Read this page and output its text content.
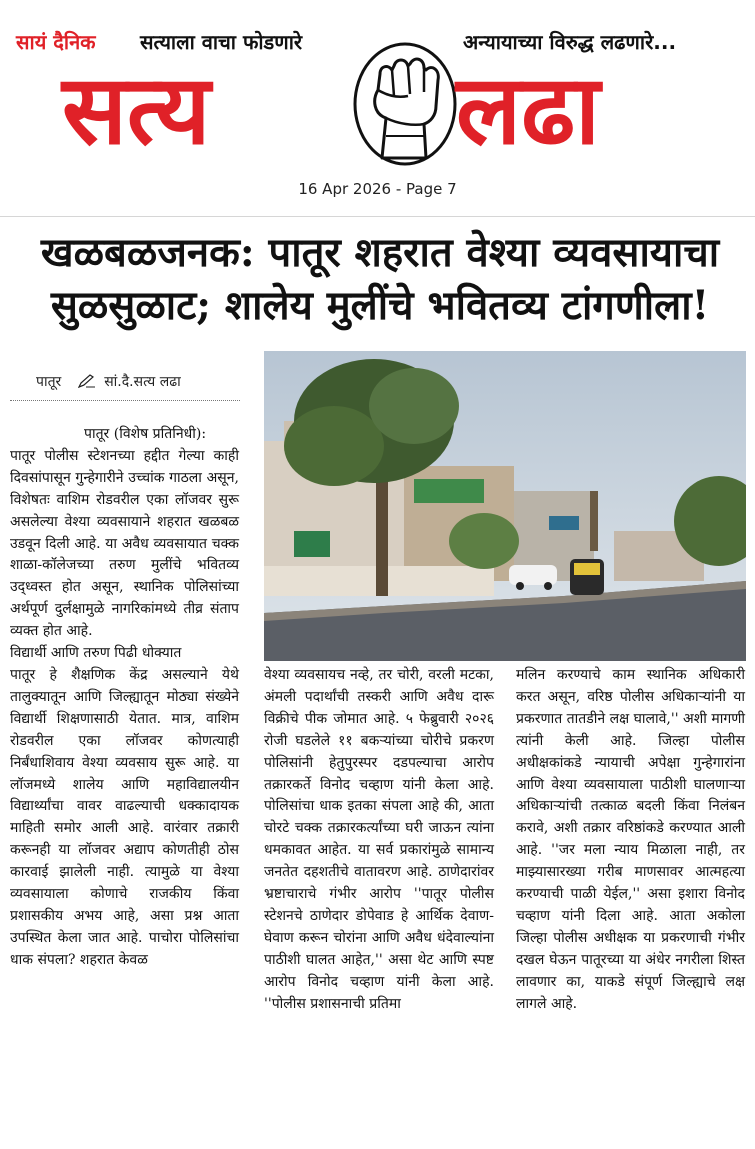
सायं दैनिक सत्याला वाचा फोडणारे	अन्यायाच्या विरुद्ध लढणारे...
सत्य	लढा
16 Apr 2026 - Page 7
खळबळजनक: पातूर शहरात वेश्या व्यवसायाचा
सुळसुळाट; शालेय मुलींचे भवितव्य टांगणीला!
पातूर	सां.दै.सत्य लढा

पातूर (विशेष प्रतिनिधी):

पातूर पोलीस स्टेशनच्या हद्दीत गेल्या काही दिवसांपासून गुन्हेगारीने उच्चांक गाठला असून, विशेषतः वाशिम रोडवरील एका लॉजवर सुरू असलेल्या वेश्या व्यवसायाने शहरात खळबळ उडवून दिली आहे. या अवैध व्यवसायात चक्क शाळा-कॉलेजच्या तरुण मुलींचे भवितव्य उद्ध्वस्त होत असून, स्थानिक पोलिसांच्या अर्थपूर्ण दुर्लक्षामुळे नागरिकांमध्ये तीव्र संताप व्यक्त होत आहे.

विद्यार्थी आणि तरुण पिढी धोक्यात

पातूर हे शैक्षणिक केंद्र असल्याने येथे तालुक्यातून आणि जिल्ह्यातून मोठ्या संख्येने विद्यार्थी शिक्षणासाठी येतात. मात्र, वाशिम रोडवरील एका लॉजवर कोणत्याही निर्बंधाशिवाय वेश्या व्यवसाय सुरू आहे. या लॉजमध्ये शालेय आणि महाविद्यालयीन विद्यार्थ्यांचा वावर वाढल्याची धक्कादायक माहिती समोर आली आहे. वारंवार तक्रारी करूनही या लॉजवर अद्याप कोणतीही ठोस कारवाई झालेली नाही. त्यामुळे या वेश्या व्यवसायाला कोणाचे राजकीय किंवा प्रशासकीय अभय आहे, असा प्रश्न आता उपस्थित केला जात आहे. पाचोरा पोलिसांचा धाक संपला? शहरात केवळ

वेश्या व्यवसायच नव्हे, तर चोरी, वरली मटका, अंमली पदार्थांची तस्करी आणि अवैध दारू विक्रीचे पीक जोमात आहे. ५ फेब्रुवारी २०२६ रोजी घडलेले ११ बकऱ्यांच्या चोरीचे प्रकरण पोलिसांनी हेतुपुरस्पर दडपल्याचा आरोप तक्रारकर्ते विनोद चव्हाण यांनी केला आहे. पोलिसांचा धाक इतका संपला आहे की, आता चोरटे चक्क तक्रारकर्त्यांच्या घरी जाऊन त्यांना धमकावत आहेत. या सर्व प्रकारांमुळे सामान्य जनतेत दहशतीचे वातावरण आहे. ठाणेदारांवर भ्रष्टाचाराचे गंभीर आरोप ''पातूर पोलीस स्टेशनचे ठाणेदार डोपेवाड हे आर्थिक देवाण-घेवाण करून चोरांना आणि अवैध धंदेवाल्यांना पाठीशी घालत आहेत,'' असा थेट आणि स्पष्ट आरोप विनोद चव्हाण यांनी केला आहे. ''पोलीस प्रशासनाची प्रतिमा

मलिन करण्याचे काम स्थानिक अधिकारी करत असून, वरिष्ठ पोलीस अधिकाऱ्यांनी या प्रकरणात तातडीने लक्ष घालावे,'' अशी मागणी त्यांनी केली आहे. जिल्हा पोलीस अधीक्षकांकडे न्यायाची अपेक्षा गुन्हेगारांना आणि वेश्या व्यवसायाला पाठीशी घालणाऱ्या अधिकाऱ्यांची तत्काळ बदली किंवा निलंबन करावे, अशी तक्रार वरिष्ठांकडे करण्यात आली आहे. ''जर मला न्याय मिळाला नाही, तर माझ्यासारख्या गरीब माणसावर आत्महत्या करण्याची पाळी येईल,'' असा इशारा विनोद चव्हाण यांनी दिला आहे. आता अकोला जिल्हा पोलीस अधीक्षक या प्रकरणाची गंभीर दखल घेऊन पातूरच्या या अंधेर नगरीला शिस्त लावणार का, याकडे संपूर्ण जिल्ह्याचे लक्ष लागले आहे.
